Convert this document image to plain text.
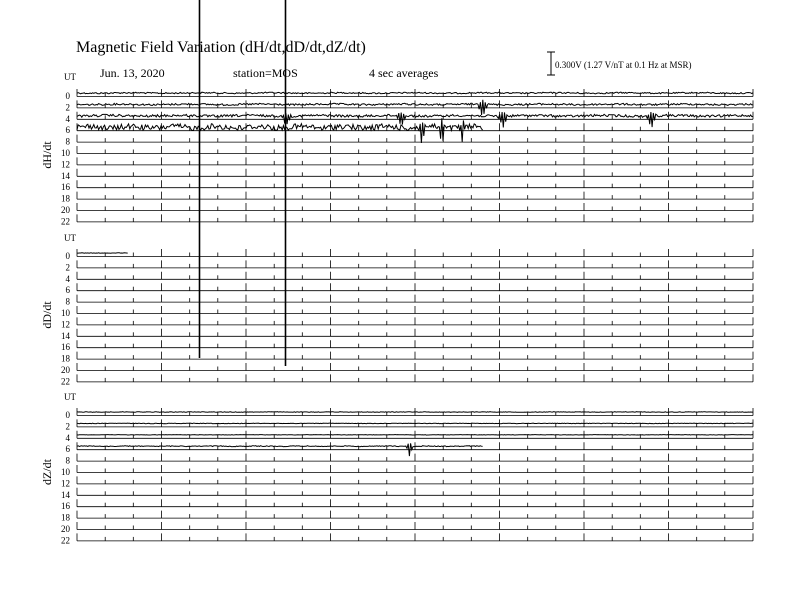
Magnetic Field Variation (dH/dt,dD/dt,dZ/dt)
Jun. 13, 2020	station=MOS	4 sec averages
0.300V (1.27 V/nT at 0.1 Hz at MSR)
UT
dH/dt
0
2
4
6
8
10
12
14
16
18
20
22
UT
dD/dt
0
2
4
6
8
10
12
14
16
18
20
22
UT
dZ/dt
0
2
4
6
8
10
12
14
16
18
20
22
